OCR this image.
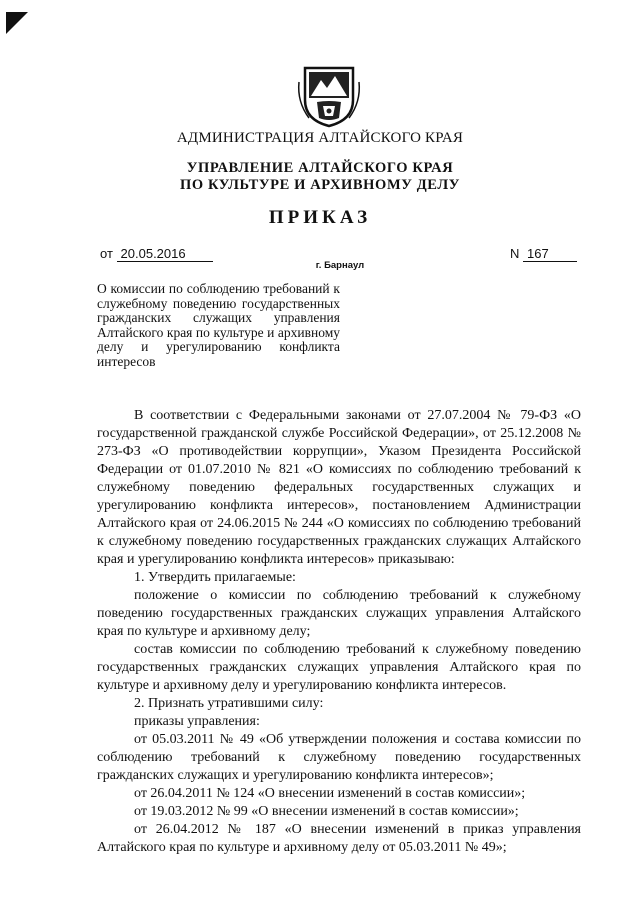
АДМИНИСТРАЦИЯ АЛТАЙСКОГО КРАЯ
УПРАВЛЕНИЕ АЛТАЙСКОГО КРАЯ
ПО КУЛЬТУРЕ И АРХИВНОМУ ДЕЛУ
ПРИКАЗ
от 20.05.2016	N 167
г. Барнаул
О комиссии по соблюдению требований к служебному поведению государственных гражданских служащих управления Алтайского края по культуре и архивному делу и урегулированию конфликта интересов

В соответствии с Федеральными законами от 27.07.2004 № 79-ФЗ «О государственной гражданской службе Российской Федерации», от 25.12.2008 № 273-ФЗ «О противодействии коррупции», Указом Президента Российской Федерации от 01.07.2010 № 821 «О комиссиях по соблюдению требований к служебному поведению федеральных государственных служащих и урегулированию конфликта интересов», постановлением Администрации Алтайского края от 24.06.2015 № 244 «О комиссиях по соблюдению требований к служебному поведению государственных гражданских служащих Алтайского края и урегулированию конфликта интересов» приказываю:

1. Утвердить прилагаемые:

положение о комиссии по соблюдению требований к служебному поведению государственных гражданских служащих управления Алтайского края по культуре и архивному делу;

состав комиссии по соблюдению требований к служебному поведению государственных гражданских служащих управления Алтайского края по культуре и архивному делу и урегулированию конфликта интересов.

2. Признать утратившими силу:

приказы управления:

от 05.03.2011 № 49 «Об утверждении положения и состава комиссии по соблюдению требований к служебному поведению государственных гражданских служащих и урегулированию конфликта интересов»;

от 26.04.2011 № 124 «О внесении изменений в состав комиссии»;

от 19.03.2012 № 99 «О внесении изменений в состав комиссии»;

от 26.04.2012 № 187 «О внесении изменений в приказ управления Алтайского края по культуре и архивному делу от 05.03.2011 № 49»;
